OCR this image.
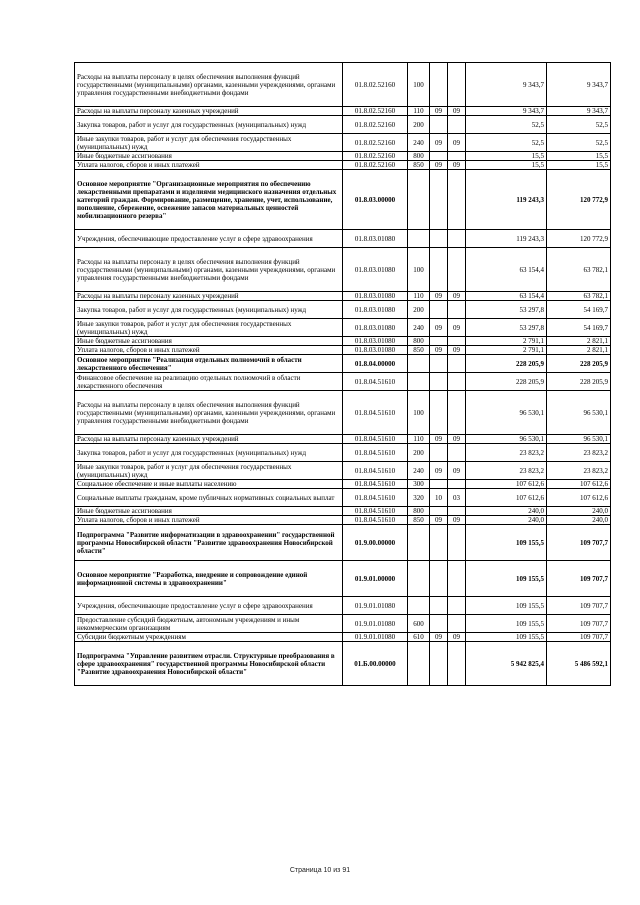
Расходы на выплаты персоналу в целях обеспечения выполнения функций государственными (муниципальными) органами, казенными учреждениями, органами управления государственными внебюджетными фондами	01.8.02.52160	100			9 343,7	9 343,7
Расходы на выплаты персоналу казенных учреждений	01.8.02.52160	110	09	09	9 343,7	9 343,7
Закупка товаров, работ и услуг для государственных (муниципальных) нужд	01.8.02.52160	200			52,5	52,5
Иные закупки товаров, работ и услуг для обеспечения государственных (муниципальных) нужд	01.8.02.52160	240	09	09	52,5	52,5
Иные бюджетные ассигнования	01.8.02.52160	800			15,5	15,5
Уплата налогов, сборов и иных платежей	01.8.02.52160	850	09	09	15,5	15,5
Основное мероприятие "Организационные мероприятия по обеспечению лекарственными препаратами и изделиями медицинского назначения отдельных категорий граждан. Формирование, размещение, хранение, учет, использование, пополнение, сбережение, освежение запасов материальных ценностей мобилизационного резерва"	01.8.03.00000				119 243,3	120 772,9
Учреждения, обеспечивающие предоставление услуг в сфере здравоохранения	01.8.03.01080				119 243,3	120 772,9
Расходы на выплаты персоналу в целях обеспечения выполнения функций государственными (муниципальными) органами, казенными учреждениями, органами управления государственными внебюджетными фондами	01.8.03.01080	100			63 154,4	63 782,1
Расходы на выплаты персоналу казенных учреждений	01.8.03.01080	110	09	09	63 154,4	63 782,1
Закупка товаров, работ и услуг для государственных (муниципальных) нужд	01.8.03.01080	200			53 297,8	54 169,7
Иные закупки товаров, работ и услуг для обеспечения государственных (муниципальных) нужд	01.8.03.01080	240	09	09	53 297,8	54 169,7
Иные бюджетные ассигнования	01.8.03.01080	800			2 791,1	2 821,1
Уплата налогов, сборов и иных платежей	01.8.03.01080	850	09	09	2 791,1	2 821,1
Основное мероприятие "Реализация отдельных полномочий в области лекарственного обеспечения"	01.8.04.00000				228 205,9	228 205,9
Финансовое обеспечение на реализацию отдельных полномочий в области лекарственного обеспечения	01.8.04.51610				228 205,9	228 205,9
Расходы на выплаты персоналу в целях обеспечения выполнения функций государственными (муниципальными) органами, казенными учреждениями, органами управления государственными внебюджетными фондами	01.8.04.51610	100			96 530,1	96 530,1
Расходы на выплаты персоналу казенных учреждений	01.8.04.51610	110	09	09	96 530,1	96 530,1
Закупка товаров, работ и услуг для государственных (муниципальных) нужд	01.8.04.51610	200			23 823,2	23 823,2
Иные закупки товаров, работ и услуг для обеспечения государственных (муниципальных) нужд	01.8.04.51610	240	09	09	23 823,2	23 823,2
Социальное обеспечение и иные выплаты населению	01.8.04.51610	300			107 612,6	107 612,6
Социальные выплаты гражданам, кроме публичных нормативных социальных выплат	01.8.04.51610	320	10	03	107 612,6	107 612,6
Иные бюджетные ассигнования	01.8.04.51610	800			240,0	240,0
Уплата налогов, сборов и иных платежей	01.8.04.51610	850	09	09	240,0	240,0
Подпрограмма "Развитие информатизации в здравоохранении" государственной программы Новосибирской области "Развитие здравоохранения Новосибирской области"	01.9.00.00000				109 155,5	109 707,7
Основное мероприятие "Разработка, внедрение и сопровождение единой информационной системы в здравоохранении"	01.9.01.00000				109 155,5	109 707,7
Учреждения, обеспечивающие предоставление услуг в сфере здравоохранения	01.9.01.01080				109 155,5	109 707,7
Предоставление субсидий бюджетным, автономным учреждениям и иным некоммерческим организациям	01.9.01.01080	600			109 155,5	109 707,7
Субсидии бюджетным учреждениям	01.9.01.01080	610	09	09	109 155,5	109 707,7
Подпрограмма "Управление развитием отрасли. Структурные преобразования в сфере здравоохранения" государственной программы Новосибирской области "Развитие здравоохранения Новосибирской области"	01.Б.00.00000				5 942 825,4	5 486 592,1
Страница 10 из 91
